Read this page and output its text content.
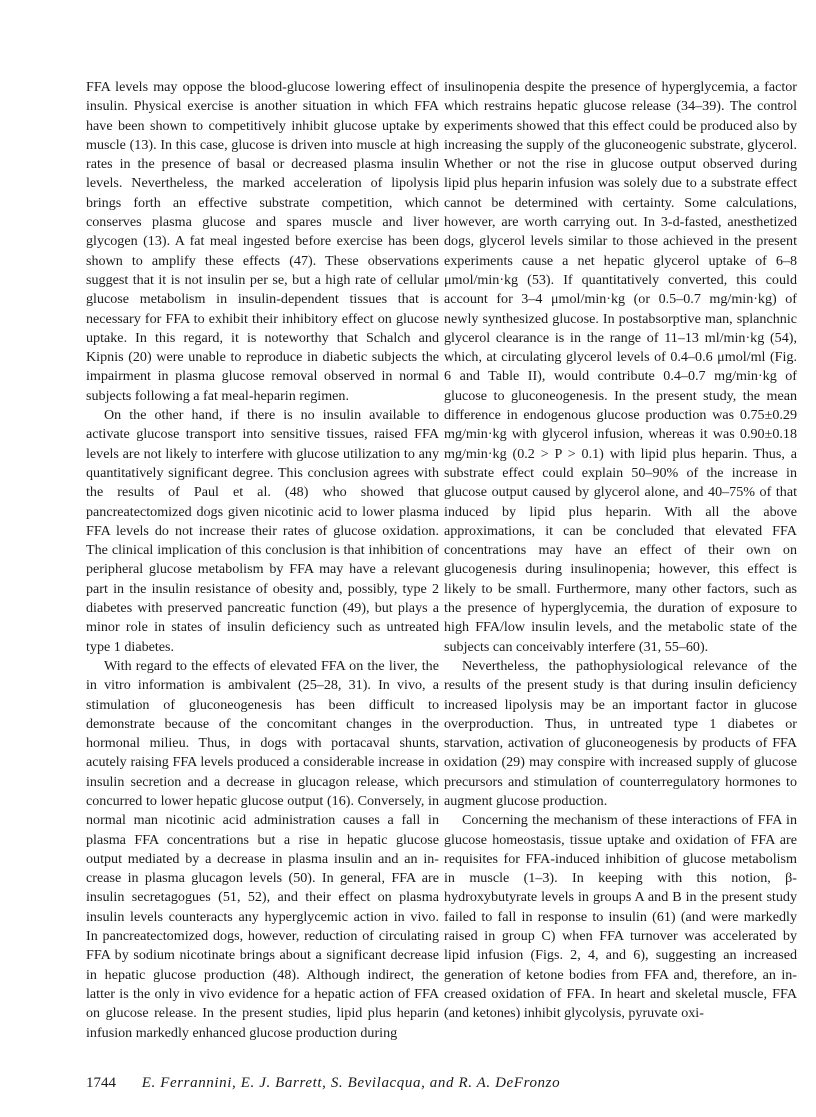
FFA levels may oppose the blood-glucose lowering effect of insulin. Physical exercise is another situation in which FFA have been shown to competitively inhibit glucose uptake by muscle (13). In this case, glucose is driven into muscle at high rates in the presence of basal or decreased plasma insulin levels. Nevertheless, the marked acceleration of lipolysis brings forth an effective substrate competition, which conserves plasma glucose and spares muscle and liver glycogen (13). A fat meal ingested before exercise has been shown to amplify these effects (47). These observations suggest that it is not insulin per se, but a high rate of cellular glucose metabolism in insulin-dependent tissues that is necessary for FFA to exhibit their inhibitory effect on glucose uptake. In this regard, it is noteworthy that Schalch and Kipnis (20) were unable to reproduce in diabetic subjects the impairment in plasma glucose removal observed in normal subjects following a fat meal-heparin regimen.

On the other hand, if there is no insulin available to activate glucose transport into sensitive tissues, raised FFA levels are not likely to interfere with glucose utilization to any quantitatively significant degree. This conclusion agrees with the results of Paul et al. (48) who showed that pancreatectomized dogs given nicotinic acid to lower plasma FFA levels do not increase their rates of glucose oxidation. The clinical implication of this conclusion is that inhibition of peripheral glucose metabolism by FFA may have a relevant part in the insulin resistance of obesity and, possibly, type 2 diabetes with preserved pancreatic function (49), but plays a minor role in states of insulin deficiency such as untreated type 1 diabetes.

With regard to the effects of elevated FFA on the liver, the in vitro information is ambivalent (25–28, 31). In vivo, a stimulation of gluconeogenesis has been difficult to demonstrate because of the concomitant changes in the hormonal milieu. Thus, in dogs with portacaval shunts, acutely raising FFA levels produced a considerable increase in insulin secretion and a decrease in glucagon release, which concurred to lower hepatic glucose output (16). Conversely, in normal man nicotinic acid administration causes a fall in plasma FFA concentrations but a rise in hepatic glucose output mediated by a decrease in plasma insulin and an increase in plasma glucagon levels (50). In general, FFA are insulin secretagogues (51, 52), and their effect on plasma insulin levels counteracts any hyperglycemic action in vivo. In pancreatectomized dogs, however, reduction of circulating FFA by sodium nicotinate brings about a significant decrease in hepatic glucose production (48). Although indirect, the latter is the only in vivo evidence for a hepatic action of FFA on glucose release. In the present studies, lipid plus heparin infusion markedly enhanced glucose production during

insulinopenia despite the presence of hyperglycemia, a factor which restrains hepatic glucose release (34–39). The control experiments showed that this effect could be produced also by increasing the supply of the gluconeogenic substrate, glycerol. Whether or not the rise in glucose output observed during lipid plus heparin infusion was solely due to a substrate effect cannot be determined with certainty. Some calculations, however, are worth carrying out. In 3-d-fasted, anesthetized dogs, glycerol levels similar to those achieved in the present experiments cause a net hepatic glycerol uptake of 6–8 μmol/min·kg (53). If quantitatively converted, this could account for 3–4 μmol/min·kg (or 0.5–0.7 mg/min·kg) of newly synthesized glucose. In postabsorptive man, splanchnic glycerol clearance is in the range of 11–13 ml/min·kg (54), which, at circulating glycerol levels of 0.4–0.6 μmol/ml (Fig. 6 and Table II), would contribute 0.4–0.7 mg/min·kg of glucose to gluconeogenesis. In the present study, the mean difference in endogenous glucose production was 0.75±0.29 mg/min·kg with glycerol infusion, whereas it was 0.90±0.18 mg/min·kg (0.2 > P > 0.1) with lipid plus heparin. Thus, a substrate effect could explain 50–90% of the increase in glucose output caused by glycerol alone, and 40–75% of that induced by lipid plus heparin. With all the above approximations, it can be concluded that elevated FFA concentrations may have an effect of their own on glucogenesis during insulinopenia; however, this effect is likely to be small. Furthermore, many other factors, such as the presence of hyperglycemia, the duration of exposure to high FFA/low insulin levels, and the metabolic state of the subjects can conceivably interfere (31, 55–60).

Nevertheless, the pathophysiological relevance of the results of the present study is that during insulin deficiency increased lipolysis may be an important factor in glucose overproduction. Thus, in untreated type 1 diabetes or starvation, activation of gluconeogenesis by products of FFA oxidation (29) may conspire with increased supply of glucose precursors and stimulation of counterregulatory hormones to augment glucose production.

Concerning the mechanism of these interactions of FFA in glucose homeostasis, tissue uptake and oxidation of FFA are requisites for FFA-induced inhibition of glucose metabolism in muscle (1–3). In keeping with this notion, β-hydroxybutyrate levels in groups A and B in the present study failed to fall in response to insulin (61) (and were markedly raised in group C) when FFA turnover was accelerated by lipid infusion (Figs. 2, 4, and 6), suggesting an increased generation of ketone bodies from FFA and, therefore, an increased oxidation of FFA. In heart and skeletal muscle, FFA (and ketones) inhibit glycolysis, pyruvate oxi-

1744 E. Ferrannini, E. J. Barrett, S. Bevilacqua, and R. A. DeFronzo
